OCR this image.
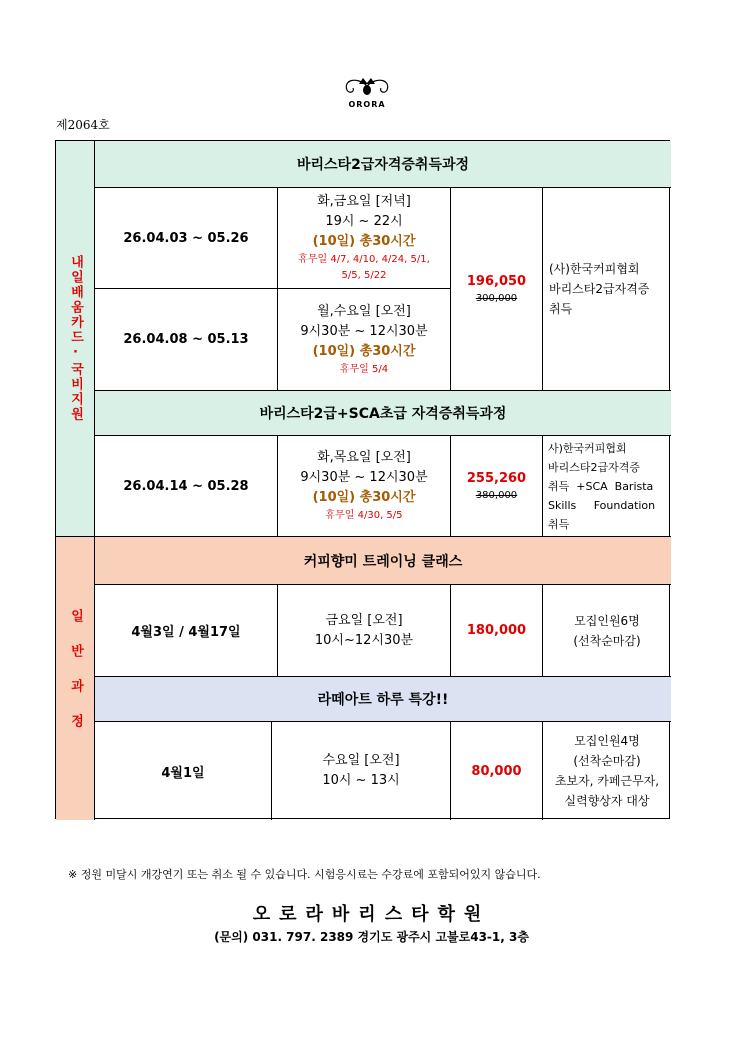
ORORA
제2064호
내일배움카드·국비지원
일반과정
바리스타2급자격증취득과정
26.04.03 ~ 05.26
화,금요일 [저녁]
19시 ~ 22시
(10일) 총30시간
휴무일 4/7, 4/10, 4/24, 5/1,
5/5, 5/22
26.04.08 ~ 05.13
월,수요일 [오전]
9시30분 ~ 12시30분
(10일) 총30시간
휴무일 5/4
196,050
300,000
(사)한국커피협회
바리스타2급자격증
취득
바리스타2급+SCA초급 자격증취득과정
26.04.14 ~ 05.28
화,목요일 [오전]
9시30분 ~ 12시30분
(10일) 총30시간
휴무일 4/30, 5/5
255,260
380,000
사)한국커피협회
바리스타2급자격증
취득  +SCA  Barista
Skills     Foundation
취득
커피향미 트레이닝 클래스
4월3일 / 4월17일
금요일 [오전]
10시~12시30분
180,000
모집인원6명
(선착순마감)
라떼아트 하루 특강!!
4월1일
수요일 [오전]
10시 ~ 13시
80,000
모집인원4명
(선착순마감)
초보자, 카페근무자,
실력향상자 대상
※ 정원 미달시 개강연기 또는 취소 될 수 있습니다. 시험응시료는 수강료에 포함되어있지 않습니다.
오로라바리스타학원
(문의) 031. 797. 2389 경기도 광주시 고불로43-1, 3층
